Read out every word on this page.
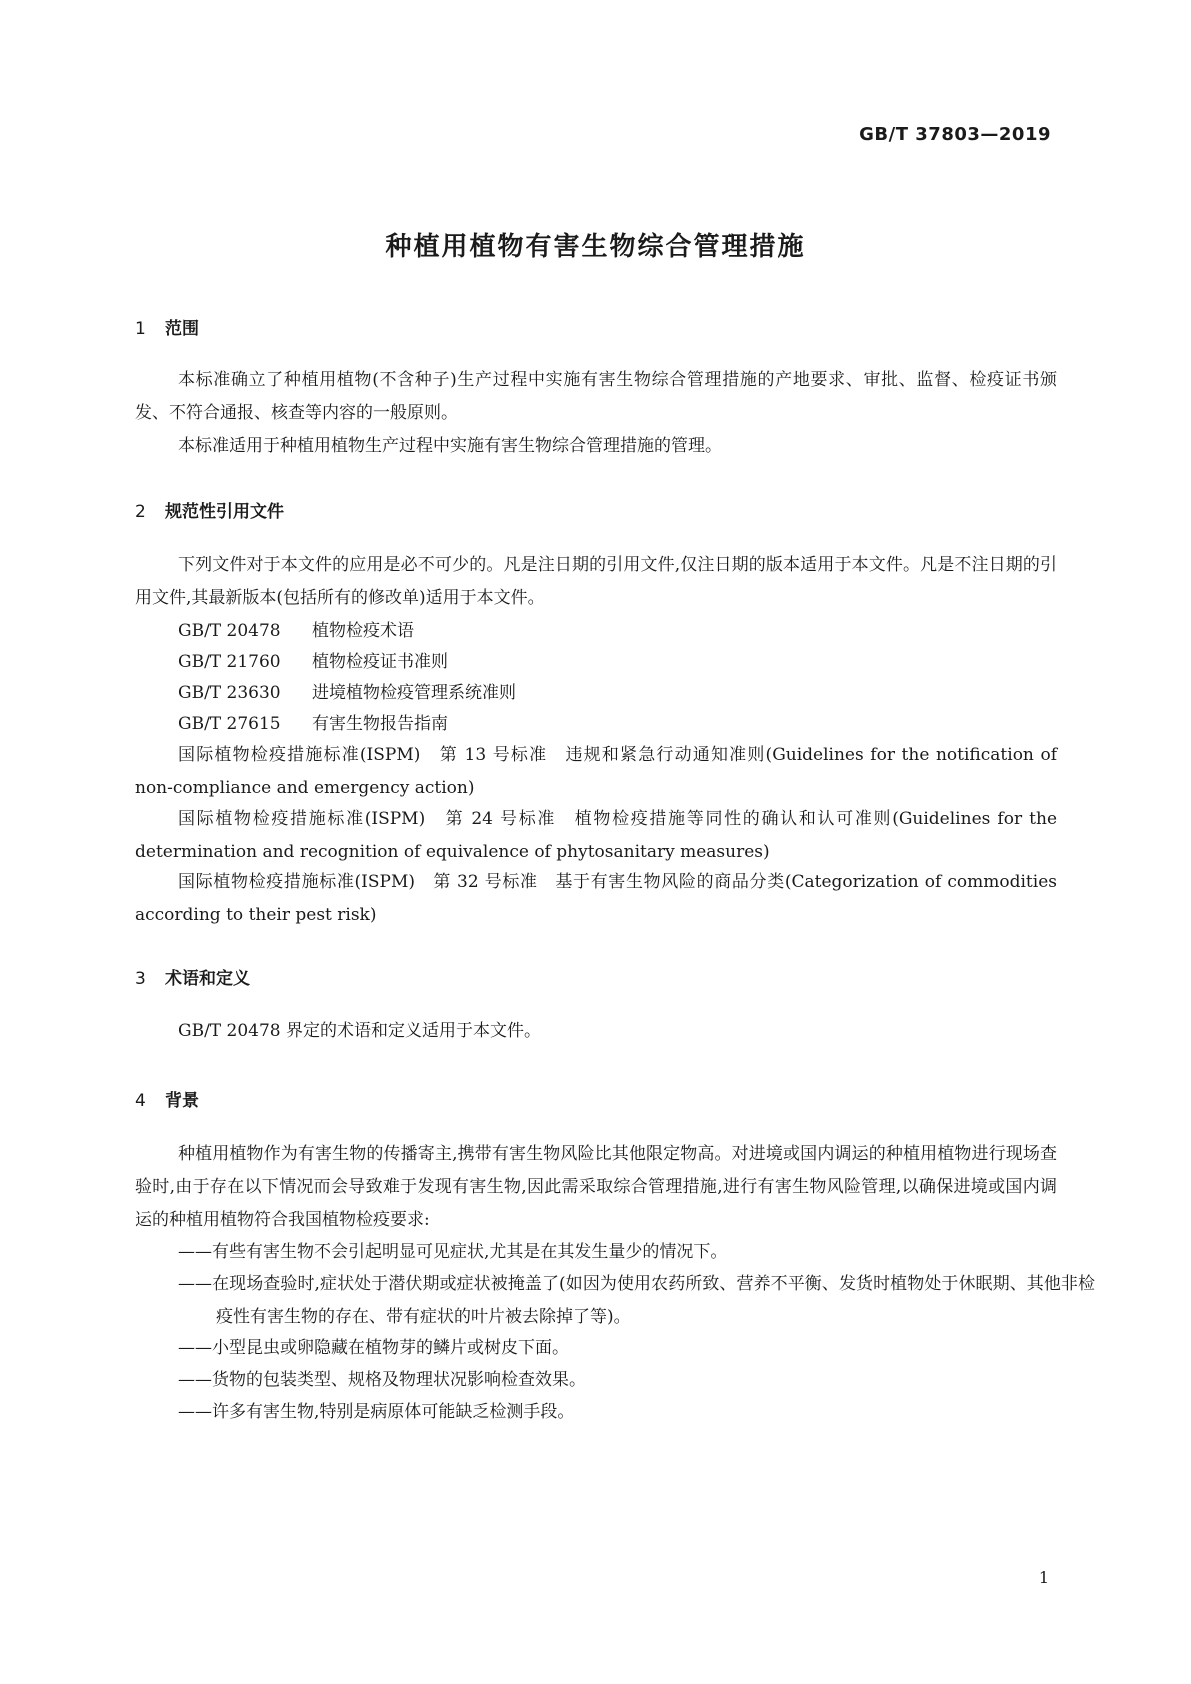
GB/T 37803—2019
种植用植物有害生物综合管理措施
1 范围

本标准确立了种植用植物(不含种子)生产过程中实施有害生物综合管理措施的产地要求、审批、监督、检疫证书颁发、不符合通报、核查等内容的一般原则。

本标准适用于种植用植物生产过程中实施有害生物综合管理措施的管理。

2 规范性引用文件

下列文件对于本文件的应用是必不可少的。凡是注日期的引用文件,仅注日期的版本适用于本文件。凡是不注日期的引用文件,其最新版本(包括所有的修改单)适用于本文件。

GB/T 20478 植物检疫术语
GB/T 21760 植物检疫证书准则
GB/T 23630 进境植物检疫管理系统准则
GB/T 27615 有害生物报告指南

国际植物检疫措施标准(ISPM)　第 13 号标准　违规和紧急行动通知准则(Guidelines for the notification of non-compliance and emergency action)

国际植物检疫措施标准(ISPM)　第 24 号标准　植物检疫措施等同性的确认和认可准则(Guidelines for the determination and recognition of equivalence of phytosanitary measures)

国际植物检疫措施标准(ISPM)　第 32 号标准　基于有害生物风险的商品分类(Categorization of commodities according to their pest risk)

3 术语和定义

GB/T 20478 界定的术语和定义适用于本文件。

4 背景

种植用植物作为有害生物的传播寄主,携带有害生物风险比其他限定物高。对进境或国内调运的种植用植物进行现场查验时,由于存在以下情况而会导致难于发现有害生物,因此需采取综合管理措施,进行有害生物风险管理,以确保进境或国内调运的种植用植物符合我国植物检疫要求:

——有些有害生物不会引起明显可见症状,尤其是在其发生量少的情况下。
——在现场查验时,症状处于潜伏期或症状被掩盖了(如因为使用农药所致、营养不平衡、发货时植物处于休眠期、其他非检疫性有害生物的存在、带有症状的叶片被去除掉了等)。
——小型昆虫或卵隐藏在植物芽的鳞片或树皮下面。
——货物的包装类型、规格及物理状况影响检查效果。
——许多有害生物,特别是病原体可能缺乏检测手段。
1
